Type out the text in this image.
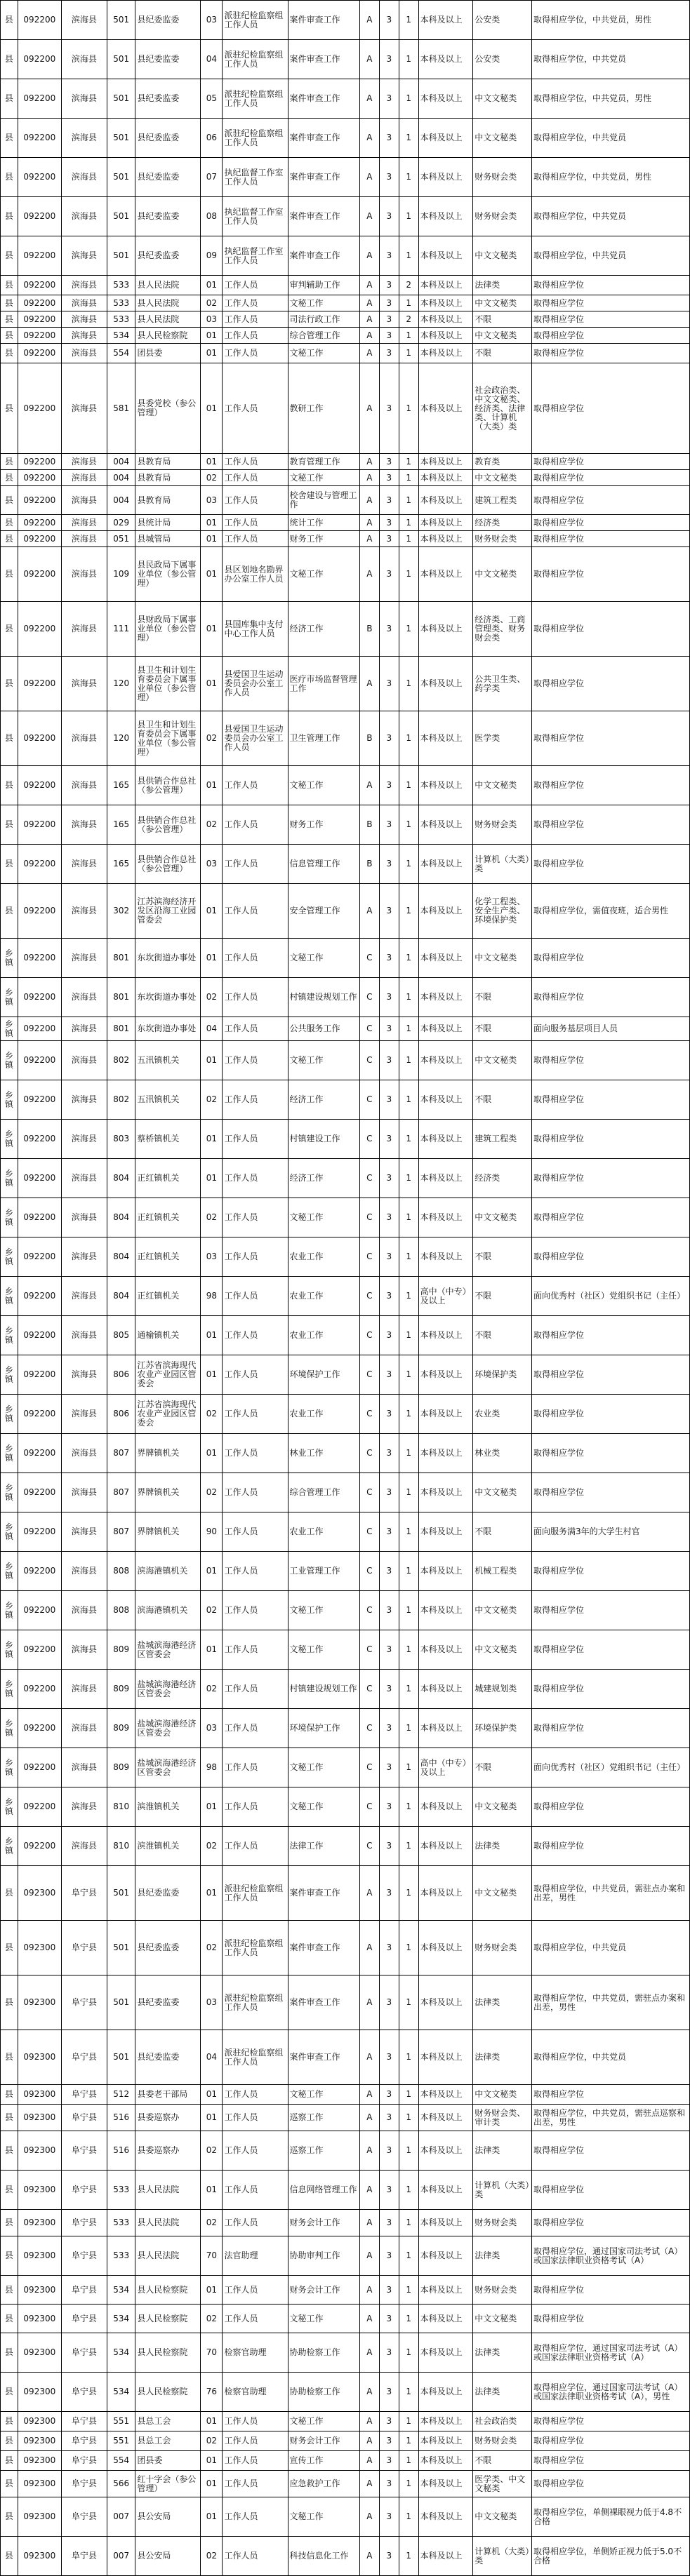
县	092200	滨海县	501	县纪委监委	03	派驻纪检监察组工作人员	案件审查工作	A	3	1	本科及以上	公安类	取得相应学位，中共党员，男性
县	092200	滨海县	501	县纪委监委	04	派驻纪检监察组工作人员	案件审查工作	A	3	1	本科及以上	公安类	取得相应学位，中共党员
县	092200	滨海县	501	县纪委监委	05	派驻纪检监察组工作人员	案件审查工作	A	3	1	本科及以上	中文文秘类	取得相应学位，中共党员，男性
县	092200	滨海县	501	县纪委监委	06	派驻纪检监察组工作人员	案件审查工作	A	3	1	本科及以上	中文文秘类	取得相应学位，中共党员
县	092200	滨海县	501	县纪委监委	07	执纪监督工作室工作人员	案件审查工作	A	3	1	本科及以上	财务财会类	取得相应学位，中共党员，男性
县	092200	滨海县	501	县纪委监委	08	执纪监督工作室工作人员	案件审查工作	A	3	1	本科及以上	财务财会类	取得相应学位，中共党员
县	092200	滨海县	501	县纪委监委	09	执纪监督工作室工作人员	案件审查工作	A	3	1	本科及以上	中文文秘类	取得相应学位，中共党员
县	092200	滨海县	533	县人民法院	01	工作人员	审判辅助工作	A	3	2	本科及以上	法律类	取得相应学位
县	092200	滨海县	533	县人民法院	02	工作人员	文秘工作	A	3	1	本科及以上	中文文秘类	取得相应学位
县	092200	滨海县	533	县人民法院	03	工作人员	司法行政工作	A	3	2	本科及以上	不限	取得相应学位
县	092200	滨海县	534	县人民检察院	01	工作人员	综合管理工作	A	3	1	本科及以上	中文文秘类	取得相应学位
县	092200	滨海县	554	团县委	01	工作人员	文秘工作	A	3	1	本科及以上	不限	取得相应学位
县	092200	滨海县	581	县委党校（参公管理）	01	工作人员	教研工作	A	3	1	本科及以上	社会政治类、中文文秘类、经济类、法律类、计算机（大类）类	取得相应学位
县	092200	滨海县	004	县教育局	01	工作人员	教育管理工作	A	3	1	本科及以上	教育类	取得相应学位
县	092200	滨海县	004	县教育局	02	工作人员	文秘工作	A	3	1	本科及以上	中文文秘类	取得相应学位
县	092200	滨海县	004	县教育局	03	工作人员	校舍建设与管理工作	A	3	1	本科及以上	建筑工程类	取得相应学位
县	092200	滨海县	029	县统计局	01	工作人员	统计工作	A	3	1	本科及以上	经济类	取得相应学位
县	092200	滨海县	051	县城管局	01	工作人员	财务工作	A	3	1	本科及以上	财务财会类	取得相应学位
县	092200	滨海县	109	县民政局下属事业单位（参公管理）	01	县区划地名勘界办公室工作人员	文秘工作	A	3	1	本科及以上	中文文秘类	取得相应学位
县	092200	滨海县	111	县财政局下属事业单位（参公管理）	01	县国库集中支付中心工作人员	经济工作	B	3	1	本科及以上	经济类、工商管理类、财务财会类	取得相应学位
县	092200	滨海县	120	县卫生和计划生育委员会下属事业单位（参公管理）	01	县爱国卫生运动委员会办公室工作人员	医疗市场监督管理工作	A	3	1	本科及以上	公共卫生类、药学类	取得相应学位
县	092200	滨海县	120	县卫生和计划生育委员会下属事业单位（参公管理）	02	县爱国卫生运动委员会办公室工作人员	卫生管理工作	B	3	1	本科及以上	医学类	取得相应学位
县	092200	滨海县	165	县供销合作总社（参公管理）	01	工作人员	文秘工作	A	3	1	本科及以上	中文文秘类	取得相应学位
县	092200	滨海县	165	县供销合作总社（参公管理）	02	工作人员	财务工作	B	3	1	本科及以上	财务财会类	取得相应学位
县	092200	滨海县	165	县供销合作总社（参公管理）	03	工作人员	信息管理工作	B	3	1	本科及以上	计算机（大类）类	取得相应学位
县	092200	滨海县	302	江苏滨海经济开发区沿海工业园管委会	01	工作人员	安全管理工作	A	3	1	本科及以上	化学工程类、安全生产类、环境保护类	取得相应学位，需值夜班，适合男性
乡镇	092200	滨海县	801	东坎街道办事处	01	工作人员	文秘工作	C	3	1	本科及以上	中文文秘类	取得相应学位
乡镇	092200	滨海县	801	东坎街道办事处	02	工作人员	村镇建设规划工作	C	3	1	本科及以上	不限	取得相应学位
乡镇	092200	滨海县	801	东坎街道办事处	04	工作人员	公共服务工作	C	3	1	本科及以上	不限	面向服务基层项目人员
乡镇	092200	滨海县	802	五汛镇机关	01	工作人员	文秘工作	C	3	1	本科及以上	中文文秘类	取得相应学位
乡镇	092200	滨海县	802	五汛镇机关	02	工作人员	经济工作	C	3	1	本科及以上	不限	取得相应学位
乡镇	092200	滨海县	803	蔡桥镇机关	01	工作人员	村镇建设工作	C	3	1	本科及以上	建筑工程类	取得相应学位
乡镇	092200	滨海县	804	正红镇机关	01	工作人员	经济工作	C	3	1	本科及以上	经济类	取得相应学位
乡镇	092200	滨海县	804	正红镇机关	02	工作人员	文秘工作	C	3	1	本科及以上	中文文秘类	取得相应学位
乡镇	092200	滨海县	804	正红镇机关	03	工作人员	农业工作	C	3	1	本科及以上	不限	取得相应学位
乡镇	092200	滨海县	804	正红镇机关	98	工作人员	农业工作	C	3	1	高中（中专）及以上	不限	面向优秀村（社区）党组织书记（主任）
乡镇	092200	滨海县	805	通榆镇机关	01	工作人员	农业工作	C	3	1	本科及以上	不限	取得相应学位
乡镇	092200	滨海县	806	江苏省滨海现代农业产业园区管委会	01	工作人员	环境保护工作	C	3	1	本科及以上	环境保护类	取得相应学位
乡镇	092200	滨海县	806	江苏省滨海现代农业产业园区管委会	02	工作人员	农业工作	C	3	1	本科及以上	农业类	取得相应学位
乡镇	092200	滨海县	807	界牌镇机关	01	工作人员	林业工作	C	3	1	本科及以上	林业类	取得相应学位
乡镇	092200	滨海县	807	界牌镇机关	02	工作人员	综合管理工作	C	3	1	本科及以上	中文文秘类	取得相应学位
乡镇	092200	滨海县	807	界牌镇机关	90	工作人员	农业工作	C	3	1	本科及以上	不限	面向服务满3年的大学生村官
乡镇	092200	滨海县	808	滨海港镇机关	01	工作人员	工业管理工作	C	3	1	本科及以上	机械工程类	取得相应学位
乡镇	092200	滨海县	808	滨海港镇机关	02	工作人员	文秘工作	C	3	1	本科及以上	中文文秘类	取得相应学位
乡镇	092200	滨海县	809	盐城滨海港经济区管委会	01	工作人员	文秘工作	C	3	1	本科及以上	中文文秘类	取得相应学位
乡镇	092200	滨海县	809	盐城滨海港经济区管委会	02	工作人员	村镇建设规划工作	C	3	1	本科及以上	城建规划类	取得相应学位
乡镇	092200	滨海县	809	盐城滨海港经济区管委会	03	工作人员	环境保护工作	C	3	1	本科及以上	环境保护类	取得相应学位
乡镇	092200	滨海县	809	盐城滨海港经济区管委会	98	工作人员	文秘工作	C	3	1	高中（中专）及以上	不限	面向优秀村（社区）党组织书记（主任）
乡镇	092200	滨海县	810	滨淮镇机关	01	工作人员	文秘工作	C	3	1	本科及以上	中文文秘类	取得相应学位
乡镇	092200	滨海县	810	滨淮镇机关	02	工作人员	法律工作	C	3	1	本科及以上	法律类	取得相应学位
县	092300	阜宁县	501	县纪委监委	01	派驻纪检监察组工作人员	案件审查工作	A	3	1	本科及以上	中文文秘类	取得相应学位，中共党员，需驻点办案和出差，男性
县	092300	阜宁县	501	县纪委监委	02	派驻纪检监察组工作人员	案件审查工作	A	3	1	本科及以上	财务财会类	取得相应学位，中共党员
县	092300	阜宁县	501	县纪委监委	03	派驻纪检监察组工作人员	案件审查工作	A	3	1	本科及以上	法律类	取得相应学位，中共党员，需驻点办案和出差，男性
县	092300	阜宁县	501	县纪委监委	04	派驻纪检监察组工作人员	案件审查工作	A	3	1	本科及以上	法律类	取得相应学位，中共党员
县	092300	阜宁县	512	县委老干部局	01	工作人员	文秘工作	A	3	1	本科及以上	中文文秘类	取得相应学位
县	092300	阜宁县	516	县委巡察办	01	工作人员	巡察工作	A	3	1	本科及以上	财务财会类、审计类	取得相应学位，中共党员，需驻点巡察和出差，男性
县	092300	阜宁县	516	县委巡察办	02	工作人员	巡察工作	A	3	1	本科及以上	法律类	取得相应学位
县	092300	阜宁县	533	县人民法院	01	工作人员	信息网络管理工作	A	3	1	本科及以上	计算机（大类）类	取得相应学位
县	092300	阜宁县	533	县人民法院	02	工作人员	财务会计工作	A	3	1	本科及以上	财务财会类	取得相应学位
县	092300	阜宁县	533	县人民法院	70	法官助理	协助审判工作	A	3	1	本科及以上	法律类	取得相应学位，通过国家司法考试（A）或国家法律职业资格考试（A）
县	092300	阜宁县	534	县人民检察院	01	工作人员	财务会计工作	A	3	1	本科及以上	财务财会类	取得相应学位
县	092300	阜宁县	534	县人民检察院	02	工作人员	文秘工作	A	3	1	本科及以上	中文文秘类	取得相应学位
县	092300	阜宁县	534	县人民检察院	70	检察官助理	协助检察工作	A	3	1	本科及以上	法律类	取得相应学位，通过国家司法考试（A）或国家法律职业资格考试（A）
县	092300	阜宁县	534	县人民检察院	76	检察官助理	协助检察工作	A	3	1	本科及以上	法律类	取得相应学位，通过国家司法考试（A）或国家法律职业资格考试（A），男性
县	092300	阜宁县	551	县总工会	01	工作人员	文秘工作	A	3	1	本科及以上	社会政治类	取得相应学位
县	092300	阜宁县	551	县总工会	02	工作人员	财务会计工作	A	3	1	本科及以上	财务财会类	取得相应学位
县	092300	阜宁县	554	团县委	01	工作人员	宣传工作	A	3	1	本科及以上	不限	取得相应学位
县	092300	阜宁县	566	红十字会（参公管理）	01	工作人员	应急救护工作	A	3	1	本科及以上	医学类、中文文秘类	取得相应学位
县	092300	阜宁县	007	县公安局	01	工作人员	文秘工作	A	3	1	本科及以上	中文文秘类	取得相应学位，单侧裸眼视力低于4.8不合格
县	092300	阜宁县	007	县公安局	02	工作人员	科技信息化工作	A	3	1	本科及以上	计算机（大类）类	取得相应学位，单侧矫正视力低于5.0不合格
